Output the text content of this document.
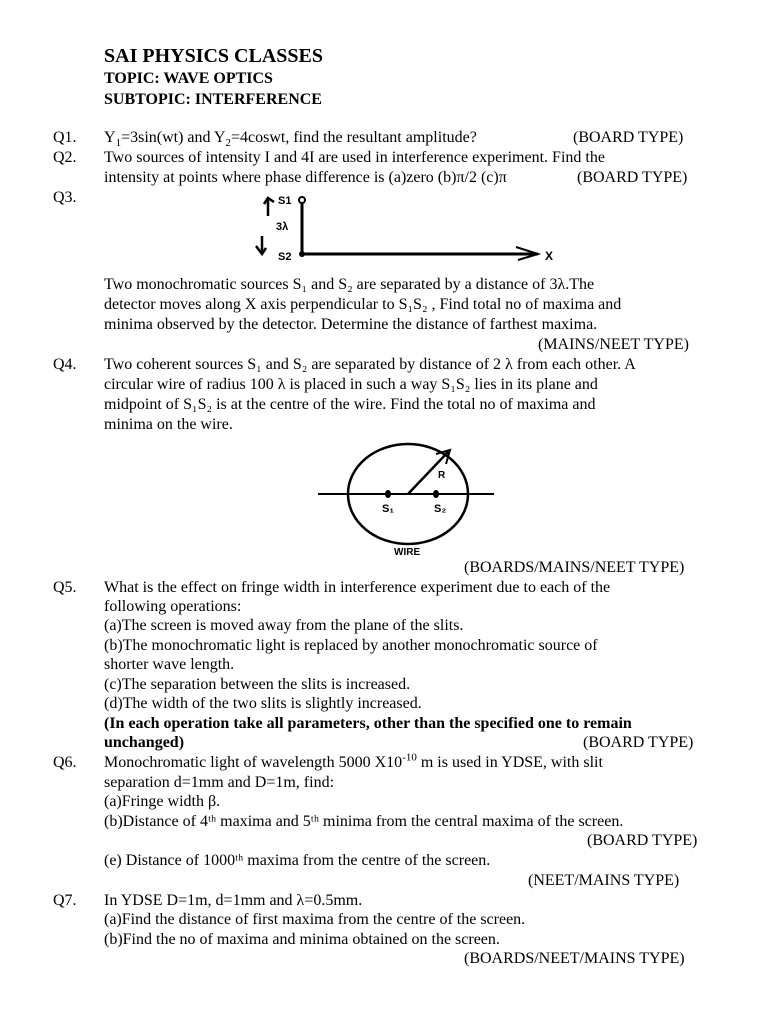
SAI PHYSICS CLASSES
TOPIC: WAVE OPTICS
SUBTOPIC: INTERFERENCE
Q1. $Y_1=3\sin(wt)$ and $Y_2=4coswt$, find the resultant amplitude?	(BOARD TYPE)
Q2. Two sources of intensity I and 4I are used in interference experiment. Find the
intensity at points where phase difference is (a)zero (b)π/2 (c)π	(BOARD TYPE)
Q3.	S1
3λ
S2	X
Two monochromatic sources S₁ and S₂ are separated by a distance of 3λ.The
detector moves along X axis perpendicular to S₁S₂ , Find total no of maxima and
minima observed by the detector. Determine the distance of farthest maxima.
(MAINS/NEET TYPE)
Q4. Two coherent sources S₁ and S₂ are separated by distance of 2 λ from each other. A
circular wire of radius 100 λ is placed in such a way S₁S₂ lies in its plane and
midpoint of S₁S₂ is at the centre of the wire. Find the total no of maxima and
minima on the wire.
R
S₁	S₂
WIRE
(BOARDS/MAINS/NEET TYPE)
Q5. What is the effect on fringe width in interference experiment due to each of the
following operations:
(a)The screen is moved away from the plane of the slits.
(b)The monochromatic light is replaced by another monochromatic source of
shorter wave length.
(c)The separation between the slits is increased.
(d)The width of the two slits is slightly increased.
(In each operation take all parameters, other than the specified one to remain
unchanged)	(BOARD TYPE)
Q6. Monochromatic light of wavelength 5000 $X10^{-10}$ m is used in YDSE, with slit
separation d=1mm and D=1m, find:
(a)Fringe width β.
(b)Distance of 4ᵗʰ maxima and 5ᵗʰ minima from the central maxima of the screen.
(BOARD TYPE)
(e) Distance of 1000ᵗʰ maxima from the centre of the screen.
(NEET/MAINS TYPE)
Q7. In YDSE D=1m, d=1mm and λ=0.5mm.
(a)Find the distance of first maxima from the centre of the screen.
(b)Find the no of maxima and minima obtained on the screen.
(BOARDS/NEET/MAINS TYPE)
